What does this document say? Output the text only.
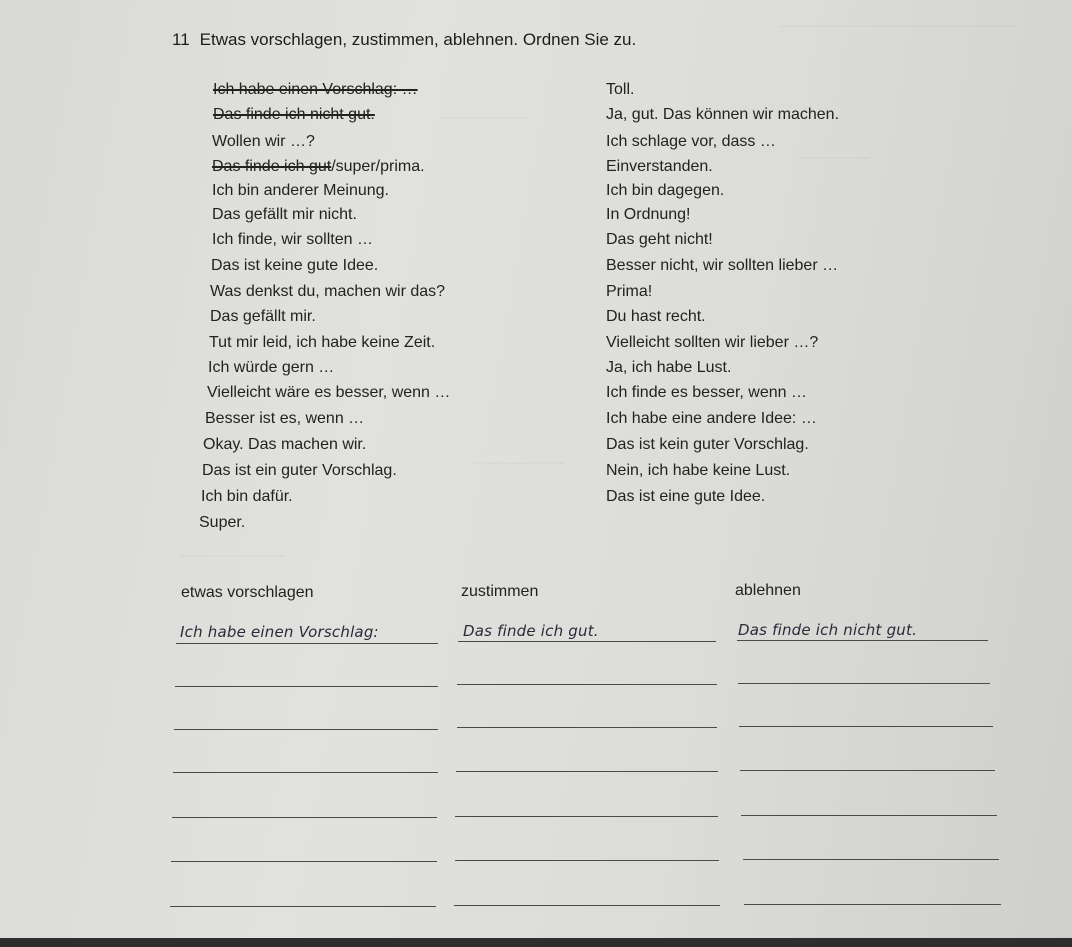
~~~~~~~~~~~~~~~~~~~~~~~~~~~
~~~~~~~~~~
~~~~~~~~
~~~~~~~~~~~
~~~~~~~~~~~~
11 Etwas vorschlagen, zustimmen, ablehnen. Ordnen Sie zu.
Ich habe einen Vorschlag: …
Das finde ich nicht gut.
Wollen wir …?
Das finde ich gut/super/prima.
Ich bin anderer Meinung.
Das gefällt mir nicht.
Ich finde, wir sollten …
Das ist keine gute Idee.
Was denkst du, machen wir das?
Das gefällt mir.
Tut mir leid, ich habe keine Zeit.
Ich würde gern …
Vielleicht wäre es besser, wenn …
Besser ist es, wenn …
Okay. Das machen wir.
Das ist ein guter Vorschlag.
Ich bin dafür.
Super.
Toll.
Ja, gut. Das können wir machen.
Ich schlage vor, dass …
Einverstanden.
Ich bin dagegen.
In Ordnung!
Das geht nicht!
Besser nicht, wir sollten lieber …
Prima!
Du hast recht.
Vielleicht sollten wir lieber …?
Ja, ich habe Lust.
Ich finde es besser, wenn …
Ich habe eine andere Idee: …
Das ist kein guter Vorschlag.
Nein, ich habe keine Lust.
Das ist eine gute Idee.
etwas vorschlagen	zustimmen	ablehnen
Ich habe einen Vorschlag:	Das finde ich gut.	Das finde ich nicht gut.
